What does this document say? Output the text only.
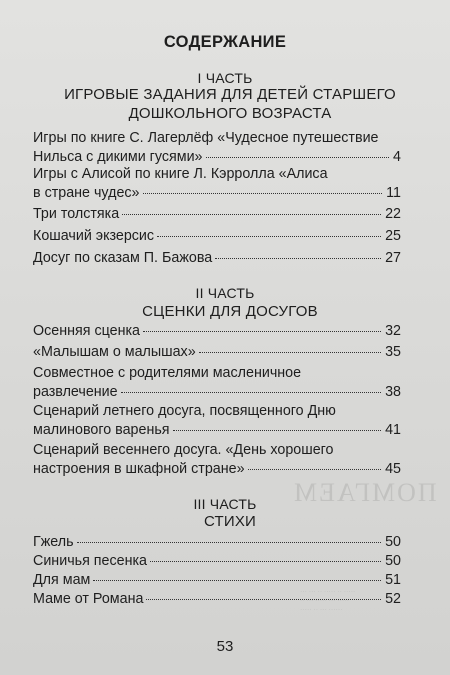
СОДЕРЖАНИЕ
I ЧАСТЬ
ИГРОВЫЕ ЗАДАНИЯ ДЛЯ ДЕТЕЙ СТАРШЕГО
ДОШКОЛЬНОГО ВОЗРАСТА
Игры по книге С. Лагерлёф «Чудесное путешествие
Нильса с дикими гусями»	4
Игры с Алисой по книге Л. Кэрролла «Алиса
в стране чудес»	11
Три толстяка	22
Кошачий экзерсис	25
Досуг по сказам П. Бажова	27
II ЧАСТЬ
СЦЕНКИ ДЛЯ ДОСУГОВ
Осенняя сценка	32
«Малышам о малышах»	35
Совместное с родителями масленичное
развлечение	38
Сценарий летнего досуга, посвященного Дню
малинового варенья	41
Сценарий весеннего досуга. «День хорошего
настроения в шкафной стране»	45
ПОМГАЕМ
··· ··· ·· ····· ·· ·····
·· ··· ····· ··· ·····
····· ·· ··· ······
III ЧАСТЬ
СТИХИ
Гжель	50
Синичья песенка	50
Для мам	51
Маме от Романа	52
53
